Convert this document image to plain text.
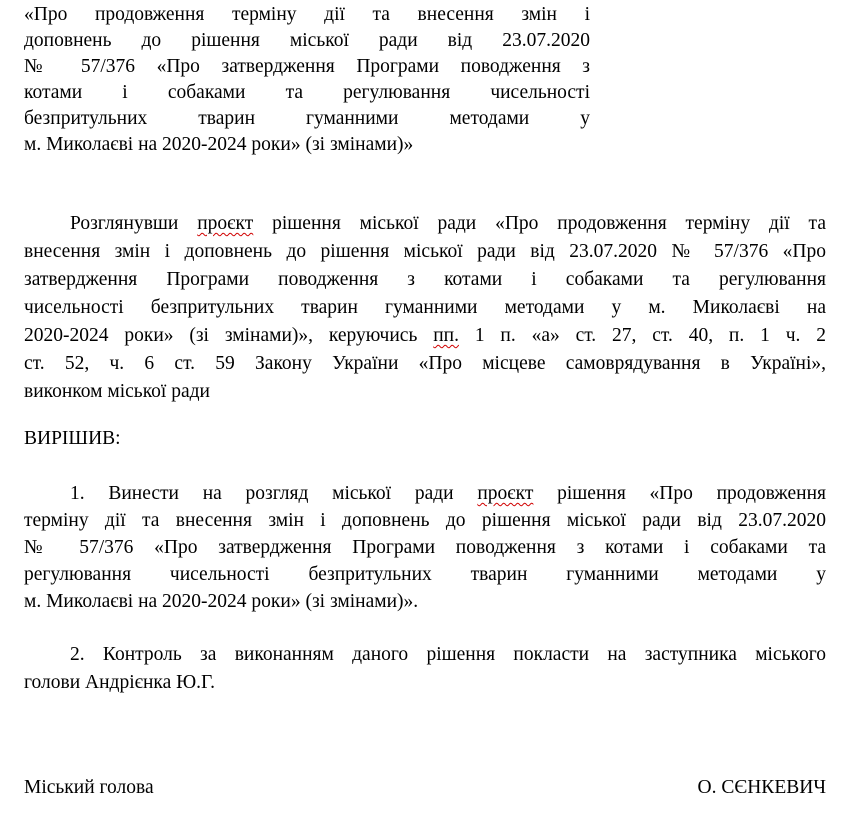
«Про продовження терміну дії та внесення змін і
доповнень до рішення міської ради від 23.07.2020
№ 57/376 «Про затвердження Програми поводження з
котами і собаками та регулювання чисельності
безпритульних тварин гуманними методами у
м. Миколаєві на 2020-2024 роки» (зі змінами)»
Розглянувши проєкт рішення міської ради «Про продовження терміну дії та
внесення змін і доповнень до рішення міської ради від 23.07.2020 № 57/376 «Про
затвердження Програми поводження з котами і собаками та регулювання
чисельності безпритульних тварин гуманними методами у м. Миколаєві на
2020-2024 роки» (зі змінами)», керуючись пп. 1 п. «а» ст. 27, ст. 40, п. 1 ч. 2
ст. 52, ч. 6 ст. 59 Закону України «Про місцеве самоврядування в Україні»,
виконком міської ради
ВИРІШИВ:
1. Винести на розгляд міської ради проєкт рішення «Про продовження
терміну дії та внесення змін і доповнень до рішення міської ради від 23.07.2020
№ 57/376 «Про затвердження Програми поводження з котами і собаками та
регулювання чисельності безпритульних тварин гуманними методами у
м. Миколаєві на 2020-2024 роки» (зі змінами)».
2. Контроль за виконанням даного рішення покласти на заступника міського
голови Андрієнка Ю.Г.
Міський голова	О. СЄНКЕВИЧ
